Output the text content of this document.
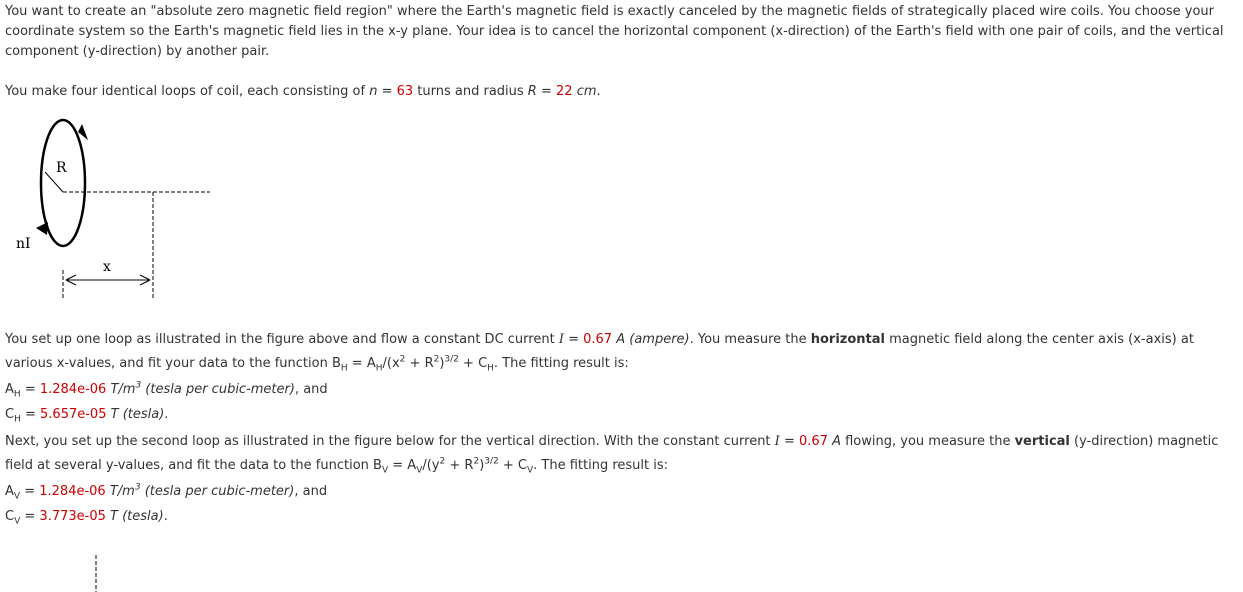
You want to create an "absolute zero magnetic field region" where the Earth's magnetic field is exactly canceled by the magnetic fields of strategically placed wire coils. You choose your coordinate system so the Earth's magnetic field lies in the x-y plane. Your idea is to cancel the horizontal component (x-direction) of the Earth's field with one pair of coils, and the vertical component (y-direction) by another pair.

You make four identical loops of coil, each consisting of n = 63 turns and radius R = 22 cm.

R
nI
x

You set up one loop as illustrated in the figure above and flow a constant DC current I = 0.67 A (ampere). You measure the horizontal magnetic field along the center axis (x-axis) at various x-values, and fit your data to the function $B_H = A_H/(x^2 + R^2)^{3/2} + C_H$. The fitting result is:

$A_H = 1.284e-06$ $T/m^3$ (tesla per cubic-meter), and

$C_H = 5.657e-05$ T (tesla).

Next, you set up the second loop as illustrated in the figure below for the vertical direction. With the constant current I = 0.67 A flowing, you measure the vertical (y-direction) magnetic field at several y-values, and fit the data to the function $B_V = A_V/(y^2 + R^2)^{3/2} + C_V$. The fitting result is:

$A_V = 1.284e-06$ $T/m^3$ (tesla per cubic-meter), and

$C_V = 3.773e-05$ T (tesla).
